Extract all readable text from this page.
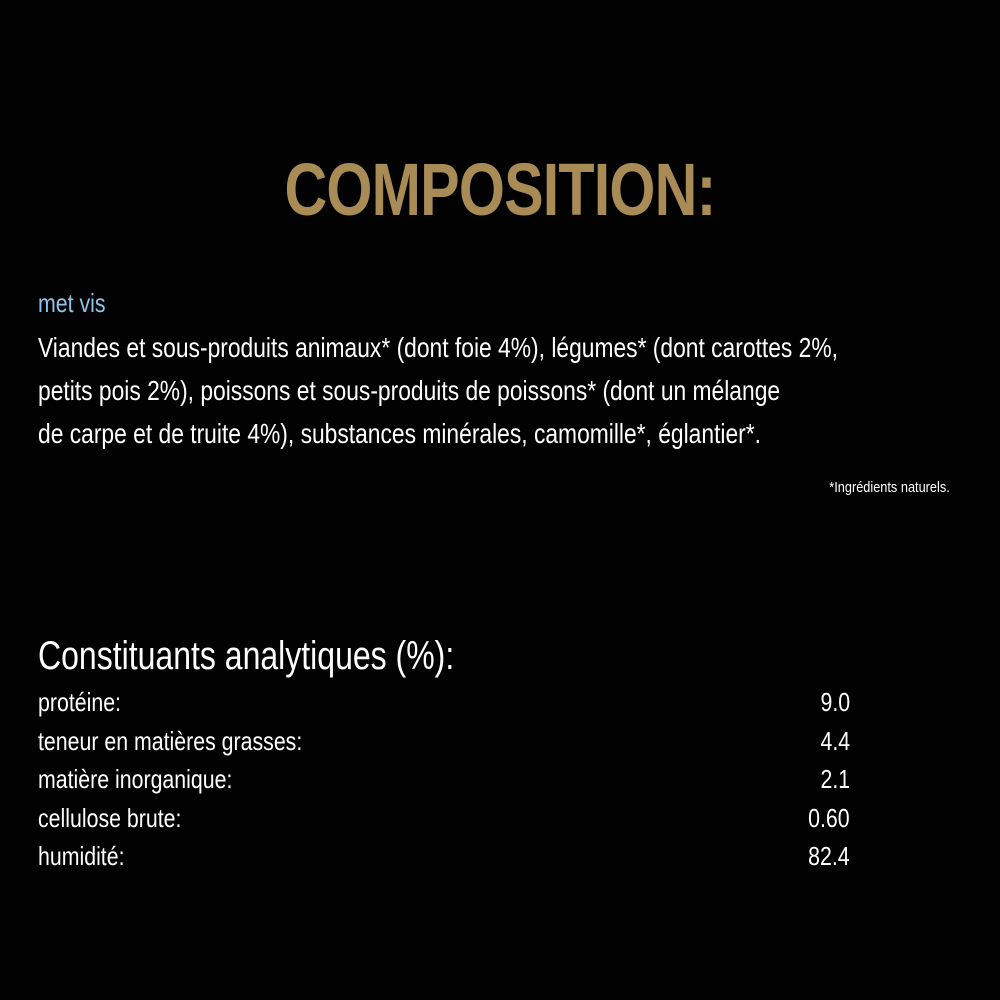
COMPOSITION:
met vis
Viandes et sous-produits animaux* (dont foie 4%), légumes* (dont carottes 2%,
petits pois 2%), poissons et sous-produits de poissons* (dont un mélange
de carpe et de truite 4%), substances minérales, camomille*, églantier*.
*Ingrédients naturels.
Constituants analytiques (%):
protéine:	9.0
teneur en matières grasses:	4.4
matière inorganique:	2.1
cellulose brute:	0.60
humidité:	82.4
